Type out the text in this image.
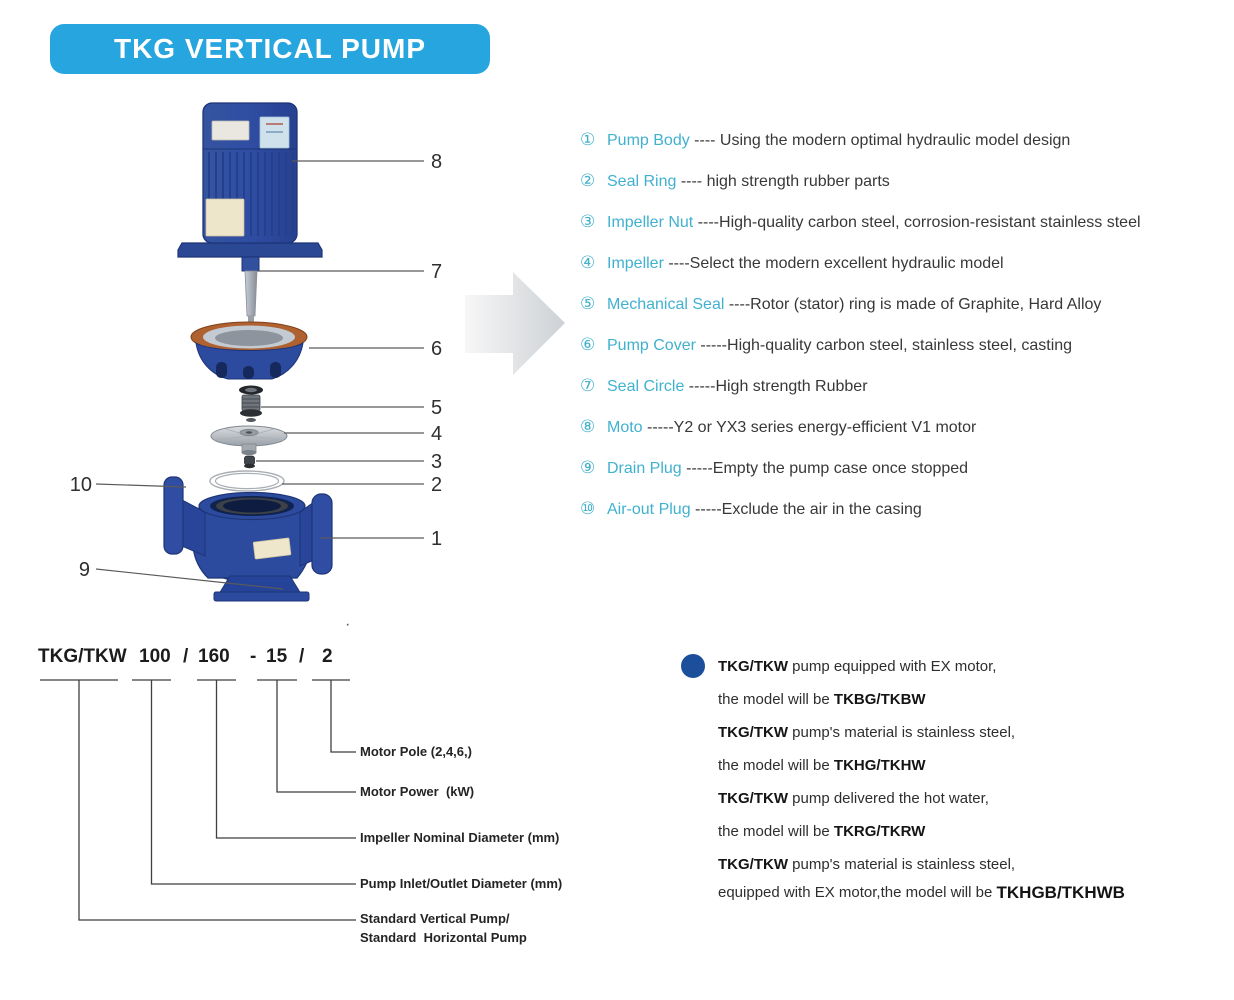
TKG VERTICAL PUMP
8
7
6
5
4
3
2
1
10
9
① Pump Body ---- Using the modern optimal hydraulic model design
② Seal Ring ---- high strength rubber parts
③ Impeller Nut ----High-quality carbon steel, corrosion-resistant stainless steel
④ Impeller ----Select the modern excellent hydraulic model
⑤ Mechanical Seal ----Rotor (stator) ring is made of Graphite, Hard Alloy
⑥ Pump Cover -----High-quality carbon steel, stainless steel, casting
⑦ Seal Circle -----High strength Rubber
⑧ Moto -----Y2 or YX3 series energy-efficient V1 motor
⑨ Drain Plug -----Empty the pump case once stopped
⑩ Air-out Plug -----Exclude the air in the casing
·
TKG/TKW 100 / 160 - 15 / 2
Motor Pole (2,4,6,)
Motor Power  (kW)
Impeller Nominal Diameter (mm)
Pump Inlet/Outlet Diameter (mm)
Standard Vertical Pump/
Standard  Horizontal Pump
TKG/TKW pump equipped with EX motor,
the model will be TKBG/TKBW
TKG/TKW pump's material is stainless steel,
the model will be TKHG/TKHW
TKG/TKW pump delivered the hot water,
the model will be TKRG/TKRW
TKG/TKW pump's material is stainless steel,
equipped with EX motor,the model will be TKHGB/TKHWB
